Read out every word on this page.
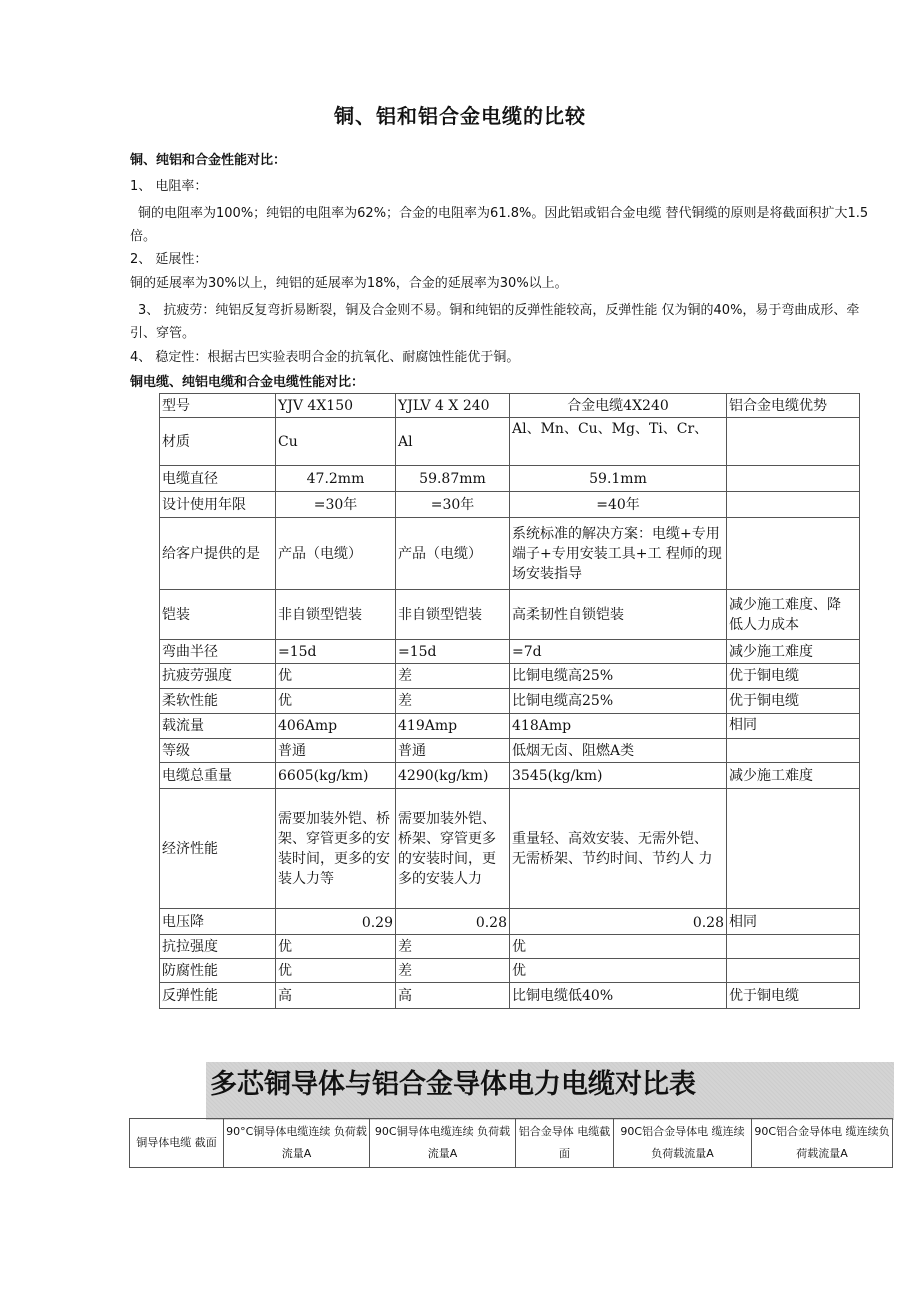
铜、铝和铝合金电缆的比较
铜、纯铝和合金性能对比：
1、 电阻率：
铜的电阻率为100%；纯铝的电阻率为62%；合金的电阻率为61.8%。因此铝或铝合金电缆 替代铜缆的原则是将截面积扩大1.5倍。
2、 延展性：
铜的延展率为30%以上，纯铝的延展率为18%，合金的延展率为30%以上。
3、 抗疲劳：纯铝反复弯折易断裂，铜及合金则不易。铜和纯铝的反弹性能较高，反弹性能 仅为铜的40%，易于弯曲成形、牵引、穿管。
4、 稳定性：根据古巴实验表明合金的抗氧化、耐腐蚀性能优于铜。
铜电缆、纯铝电缆和合金电缆性能对比：
型号	YJV 4X150	YJLV 4 X 240	合金电缆4X240	铝合金电缆优势
材质	Cu	Al	Al、Mn、Cu、Mg、Ti、Cr、	
电缆直径	47.2mm	59.87mm	59.1mm	
设计使用年限	=30年	=30年	=40年	
给客户提供的是	产品（电缆）	产品（电缆）	系统标准的解决方案：电缆+专用端子+专用安装工具+工 程师的现场安装指导	
铠装	非自锁型铠装	非自锁型铠装	高柔韧性自锁铠装	减少施工难度、降 低人力成本
弯曲半径	=15d	=15d	=7d	减少施工难度
抗疲劳强度	优	差	比铜电缆高25%	优于铜电缆
柔软性能	优	差	比铜电缆高25%	优于铜电缆
载流量	406Amp	419Amp	418Amp	相同
等级	普通	普通	低烟无卤、阻燃A类	
电缆总重量	6605(kg/km)	4290(kg/km)	3545(kg/km)	减少施工难度
经济性能	需要加装外铠、桥架、穿管更多的安装时间，更多的安装人力等	需要加装外铠、 桥架、穿管更多 的安装时间，更多的安装人力	重量轻、高效安装、无需外铠、 无需桥架、节约时间、节约人 力	
电压降	0.29	0.28	0.28	相同
抗拉强度	优	差	优	
防腐性能	优	差	优	
反弹性能	高	高	比铜电缆低40%	优于铜电缆
多芯铜导体与铝合金导体电力电缆对比表
铜导体电缆 截面	90°C铜导体电缆连续 负荷载流量A	90C铜导体电缆连续 负荷载流量A	铝合金导体 电缆截面	90C铝合金导体电 缆连续负荷载流量A	90C铝合金导体电 缆连续负荷载流量A
